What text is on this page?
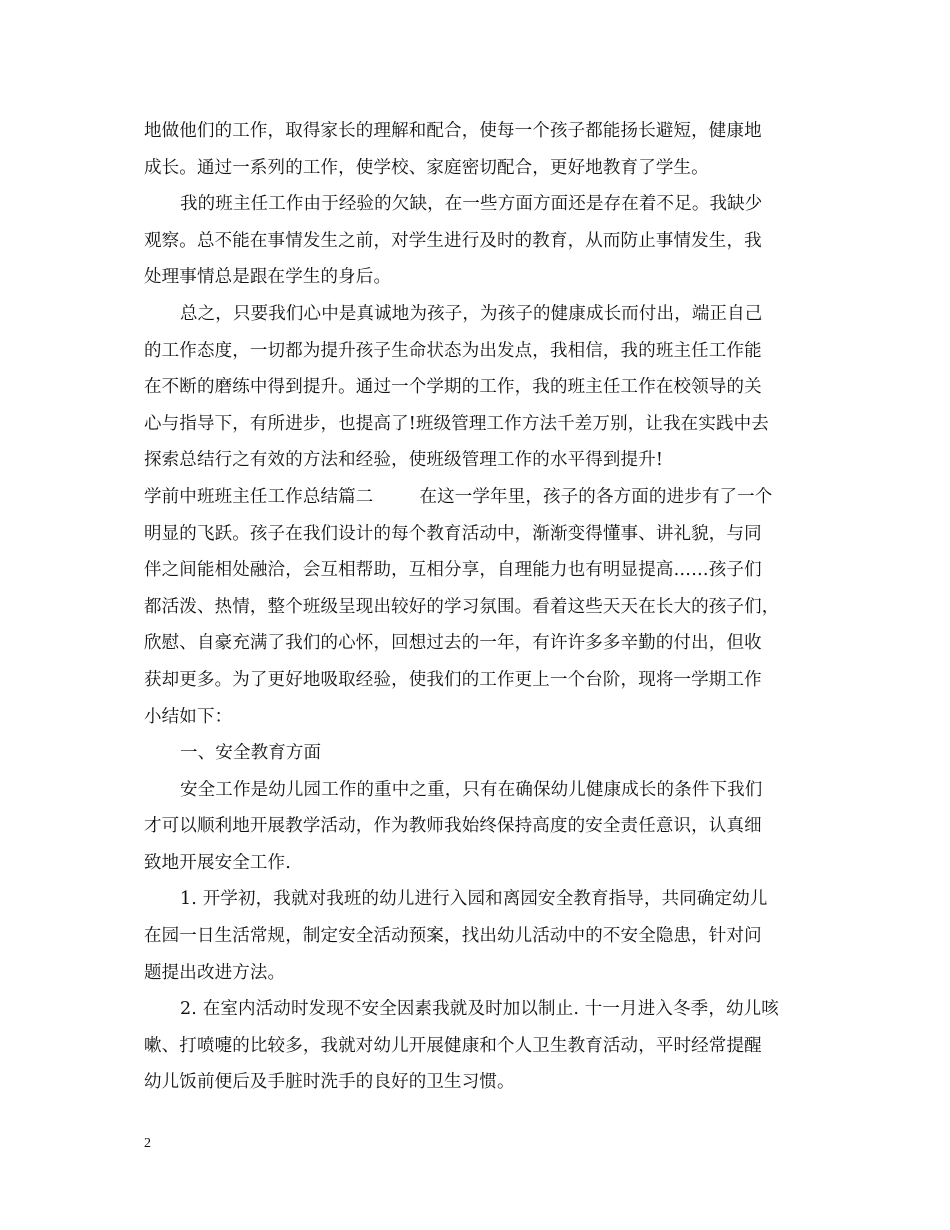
地做他们的工作，取得家长的理解和配合，使每一个孩子都能扬长避短，健康地
成长。通过一系列的工作，使学校、家庭密切配合，更好地教育了学生。
我的班主任工作由于经验的欠缺，在一些方面方面还是存在着不足。我缺少
观察。总不能在事情发生之前，对学生进行及时的教育，从而防止事情发生，我
处理事情总是跟在学生的身后。
总之，只要我们心中是真诚地为孩子，为孩子的健康成长而付出，端正自己
的工作态度，一切都为提升孩子生命状态为出发点，我相信，我的班主任工作能
在不断的磨练中得到提升。通过一个学期的工作，我的班主任工作在校领导的关
心与指导下，有所进步，也提高了!班级管理工作方法千差万别，让我在实践中去
探索总结行之有效的方法和经验，使班级管理工作的水平得到提升!
学前中班班主任工作总结篇二	在这一学年里，孩子的各方面的进步有了一个
明显的飞跃。孩子在我们设计的每个教育活动中，渐渐变得懂事、讲礼貌，与同
伴之间能相处融洽，会互相帮助，互相分享，自理能力也有明显提高……孩子们
都活泼、热情，整个班级呈现出较好的学习氛围。看着这些天天在长大的孩子们，
欣慰、自豪充满了我们的心怀，回想过去的一年，有许许多多辛勤的付出，但收
获却更多。为了更好地吸取经验，使我们的工作更上一个台阶，现将一学期工作
小结如下：
一、安全教育方面
安全工作是幼儿园工作的重中之重，只有在确保幼儿健康成长的条件下我们
才可以顺利地开展教学活动，作为教师我始终保持高度的安全责任意识，认真细
致地开展安全工作.
1. 开学初，我就对我班的幼儿进行入园和离园安全教育指导，共同确定幼儿
在园一日生活常规，制定安全活动预案，找出幼儿活动中的不安全隐患，针对问
题提出改进方法。
2. 在室内活动时发现不安全因素我就及时加以制止. 十一月进入冬季，幼儿咳
嗽、打喷嚏的比较多，我就对幼儿开展健康和个人卫生教育活动，平时经常提醒
幼儿饭前便后及手脏时洗手的良好的卫生习惯。
2
